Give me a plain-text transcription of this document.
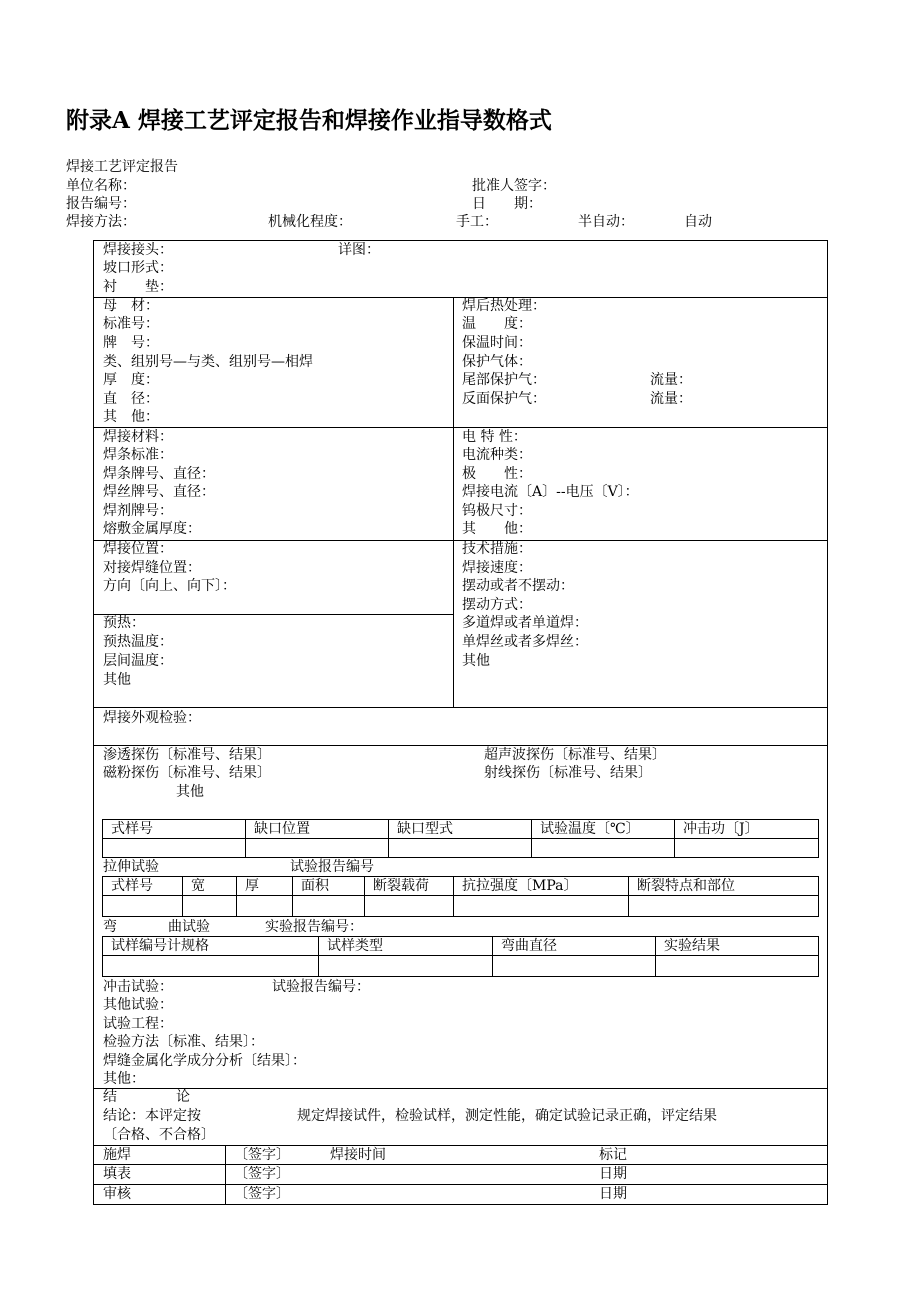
附录A 焊接工艺评定报告和焊接作业指导数格式
焊接工艺评定报告
单位名称：	批准人签字：
报告编号：	日　　期：
焊接方法：	机械化程度：	手工：	半自动：	自动
焊接接头：	详图：
坡口形式：
衬　　垫：
母　材：
标准号：
牌　号：
类、组别号—与类、组别号—相焊
厚　度：
直　径：
其　他：
焊后热处理：
温　　度：
保温时间：
保护气体：
尾部保护气：	流量：
反面保护气：	流量：
焊接材料：
焊条标准：
焊条牌号、直径：
焊丝牌号、直径：
焊剂牌号：
熔敷金属厚度：
电 特 性：
电流种类：
极　　性：
焊接电流〔A〕--电压〔V〕：
钨极尺寸：
其　　他：
焊接位置：
对接焊缝位置：
方向〔向上、向下〕：
预热：
预热温度：
层间温度：
其他
技术措施：
焊接速度：
摆动或者不摆动：
摆动方式：
多道焊或者单道焊：
单焊丝或者多焊丝：
其他
焊接外观检验：
渗透探伤〔标准号、结果〕	超声波探伤〔标准号、结果〕
磁粉探伤〔标准号、结果〕	射线探伤〔标准号、结果〕
其他
式样号	缺口位置	缺口型式	试验温度〔℃〕	冲击功〔J〕

拉伸试验	试验报告编号
式样号	宽	厚	面积	断裂载荷	抗拉强度〔MPa〕	断裂特点和部位

弯	曲试验	实验报告编号：
试样编号计规格	试样类型	弯曲直径	实验结果

冲击试验：	试验报告编号：
其他试验：
试验工程：
检验方法〔标准、结果〕：
焊缝金属化学成分分析〔结果〕：
其他：
结	论
结论：本评定按	规定焊接试件，检验试样，测定性能，确定试验记录正确，评定结果
〔合格、不合格〕
施焊	〔签字〕	焊接时间	标记
填表	〔签字〕	日期
审核	〔签字〕	日期
